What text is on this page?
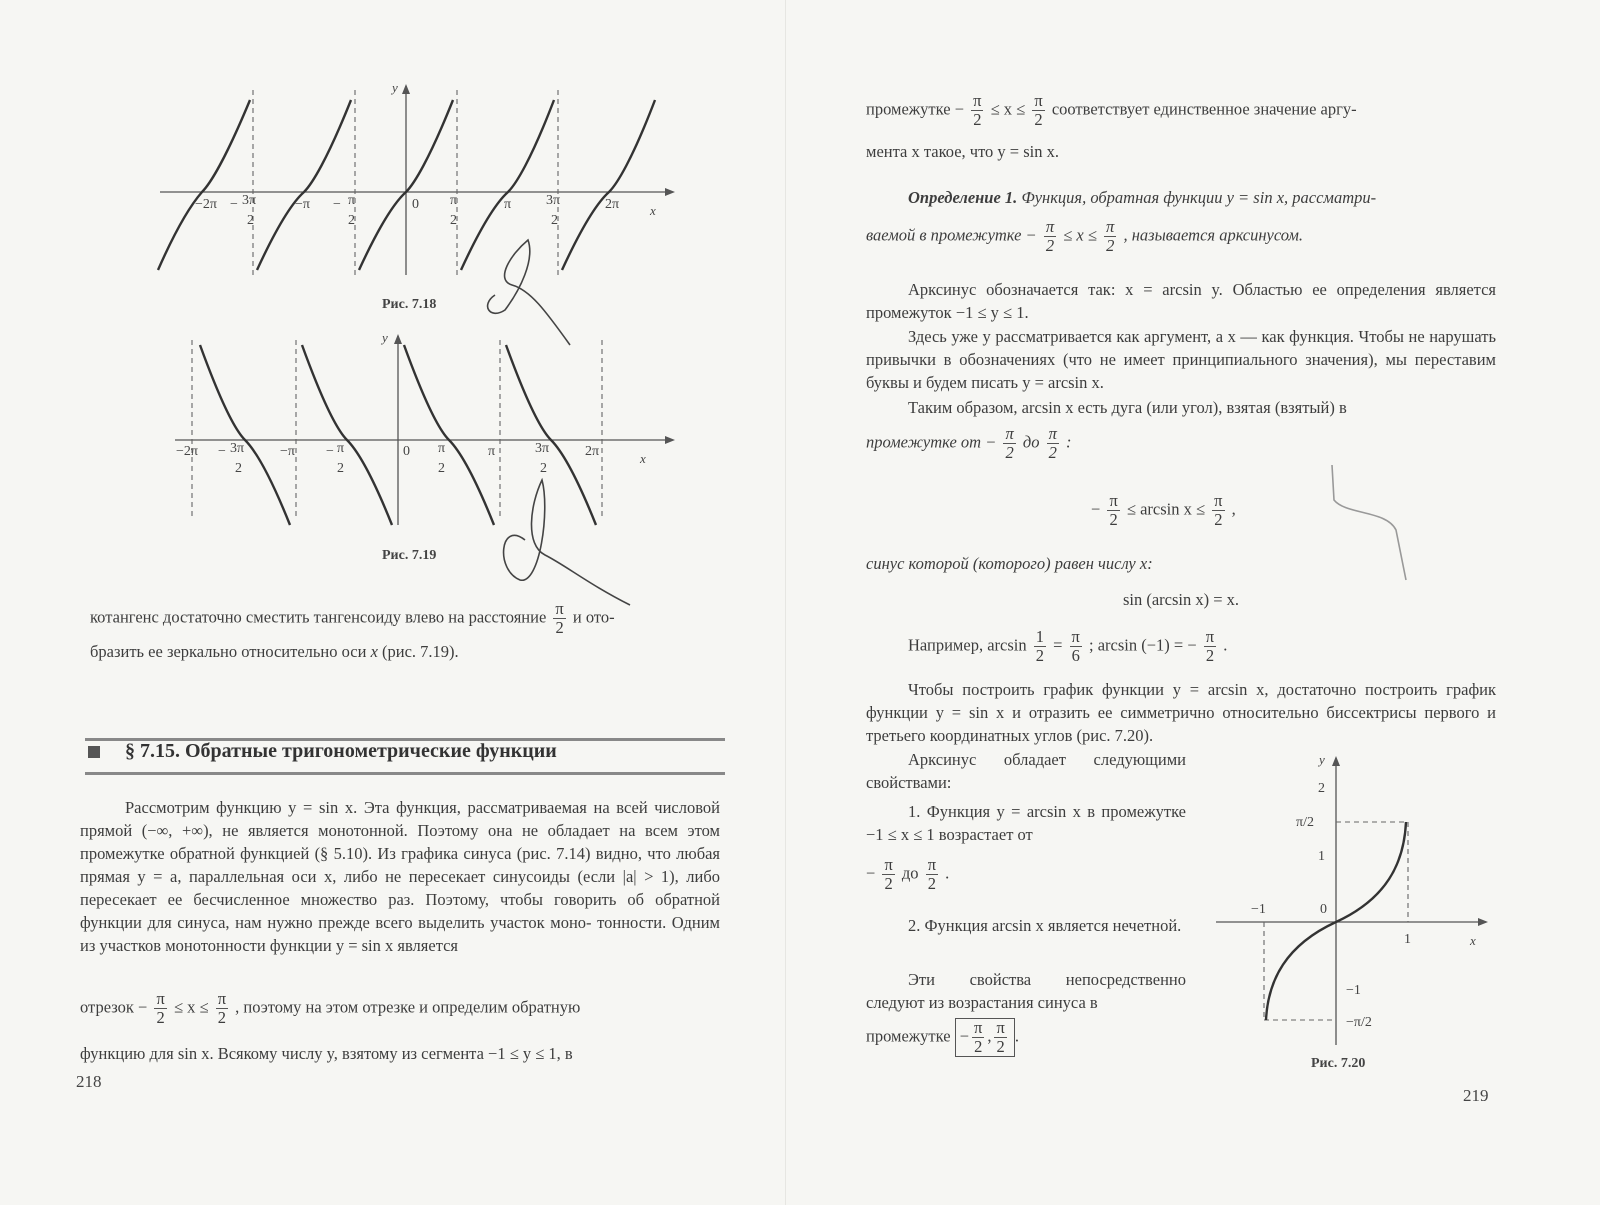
y
x
−2π − 3π
2
−π − π
2
0 π
2
π 3π
2
2π
Рис. 7.18
y
x
−2π − 3π
2
−π − π
2
0 π
2
π	3π
2
2π
Рис. 7.19
котангенс достаточно сместить тангенсоиду влево на расстояние $\frac{\pi}{2}$ и ото-
бразить ее зеркально относительно оси x (рис. 7.19).
§ 7.15. Обратные тригонометрические функции
Рассмотрим функцию y = sin x. Эта функция, рассматриваемая на всей числовой прямой (−∞, +∞), не является монотонной. Поэтому она не обладает на всем этом промежутке обратной функцией (§ 5.10). Из графика синуса (рис. 7.14) видно, что любая прямая y = a, параллельная оси x, либо не пересекает синусоиды (если |a| > 1), либо пересекает ее бесчисленное множество раз. Поэтому, чтобы говорить об обратной функции для синуса, нам нужно прежде всего выделить участок моно- тонности. Одним из участков монотонности функции y = sin x является
отрезок − $\frac{\pi}{2} \le x \le \frac{\pi}{2}$ , поэтому на этом отрезке и определим обратную
функцию для sin x. Всякому числу y, взятому из сегмента −1 ≤ y ≤ 1, в
218
промежутке − $\frac{\pi}{2} \le x \le \frac{\pi}{2}$ соответствует единственное значение аргу-
мента x такое, что y = sin x.
Определение 1. Функция, обратная функции y = sin x, рассматри-
ваемой в промежутке − $\frac{\pi}{2} \le x \le \frac{\pi}{2}$ , называется арксинусом.
Арксинус обозначается так: x = arcsin y. Областью ее определения является промежуток −1 ≤ y ≤ 1.
Здесь уже y рассматривается как аргумент, а x — как функция. Чтобы не нарушать привычки в обозначениях (что не имеет принципиального значения), мы переставим буквы и будем писать y = arcsin x.
Таким образом, arcsin x есть дуга (или угол), взятая (взятый) в
промежутке от − $\frac{\pi}{2}$ до $\frac{\pi}{2}$ :
− $\frac{\pi}{2} \le \arcsin x \le \frac{\pi}{2}$ ,
синус которой (которого) равен числу x:
sin (arcsin x) = x.
Например, $\arcsin \frac{1}{2} = \frac{\pi}{6}$ ; arcsin (−1) = − $\frac{\pi}{2}$ .
Чтобы построить график функции y = arcsin x, достаточно построить график функции y = sin x и отразить ее симметрично относительно биссектрисы первого и третьего координатных углов (рис. 7.20).
Арксинус обладает следующими свойствами:
1. Функция y = arcsin x в промежутке −1 ≤ x ≤ 1 возрастает от
− $\frac{\pi}{2}$ до $\frac{\pi}{2}$ .
2. Функция arcsin x является нечетной.
Эти свойства непосредственно следуют из возрастания синуса в
промежутке − $\frac{\pi}{2}$ , $\frac{\pi}{2}$ .
y
x
2
π/2
1
0
−1
1
−1
−π/2
Рис. 7.20
219
